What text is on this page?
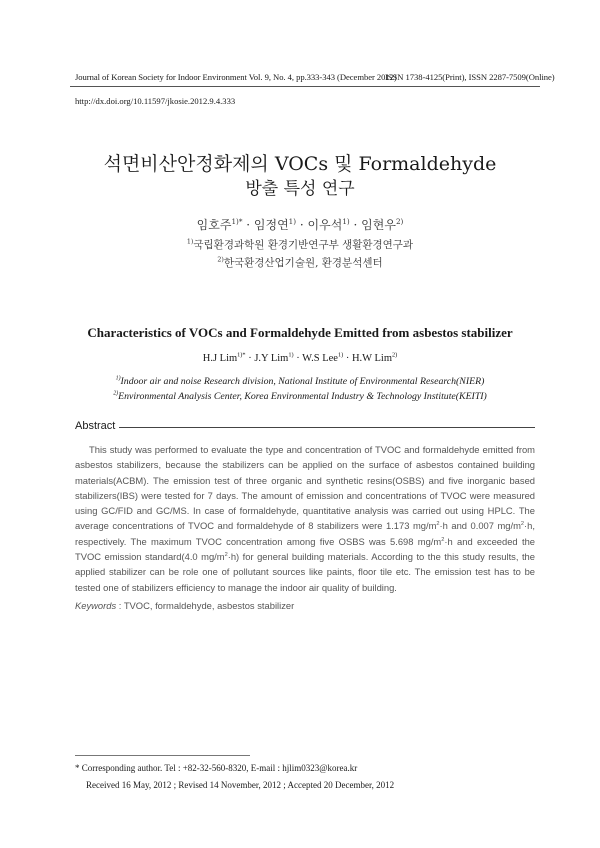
Journal of Korean Society for Indoor Environment Vol. 9, No. 4, pp.333-343 (December 2012)
ISSN 1738-4125(Print), ISSN 2287-7509(Online)
http://dx.doi.org/10.11597/jkosie.2012.9.4.333
석면비산안정화제의 VOCs 및 Formaldehyde
방출 특성 연구
임호주$^{1)*}$ · 임정연$^{1)}$ · 이우석$^{1)}$ · 임현우$^{2)}$
$^{1)}$국립환경과학원 환경기반연구부 생활환경연구과
$^{2)}$한국환경산업기술원, 환경분석센터
Characteristics of VOCs and Formaldehyde Emitted from asbestos stabilizer
H.J Lim$^{1)*}$ · J.Y Lim$^{1)}$ · W.S Lee$^{1)}$ · H.W Lim$^{2)}$
$^{1)}$Indoor air and noise Research division, National Institute of Environmental Research(NIER)
$^{2)}$Environmental Analysis Center, Korea Environmental Industry & Technology Institute(KEITI)
Abstract
This study was performed to evaluate the type and concentration of TVOC and formaldehyde emitted from asbestos stabilizers, because the stabilizers can be applied on the surface of asbestos contained building materials(ACBM). The emission test of three organic and synthetic resins(OSBS) and five inorganic based stabilizers(IBS) were tested for 7 days. The amount of emission and concentrations of TVOC were measured using GC/FID and GC/MS. In case of formaldehyde, quantitative analysis was carried out using HPLC. The average concentrations of TVOC and formaldehyde of 8 stabilizers were 1.173 $mg/m^2\cdot h$ and 0.007 $mg/m^2\cdot h$, respectively. The maximum TVOC concentration among five OSBS was 5.698 $mg/m^2\cdot h$ and exceeded the TVOC emission standard(4.0 $mg/m^2\cdot h$) for general building materials. According to the this study results, the applied stabilizer can be role one of pollutant sources like paints, floor tile etc. The emission test has to be tested one of stabilizers efficiency to manage the indoor air quality of building.
Keywords : TVOC, formaldehyde, asbestos stabilizer
* Corresponding author. Tel : +82-32-560-8320, E-mail : hjlim0323@korea.kr
Received 16 May, 2012 ; Revised 14 November, 2012 ; Accepted 20 December, 2012
